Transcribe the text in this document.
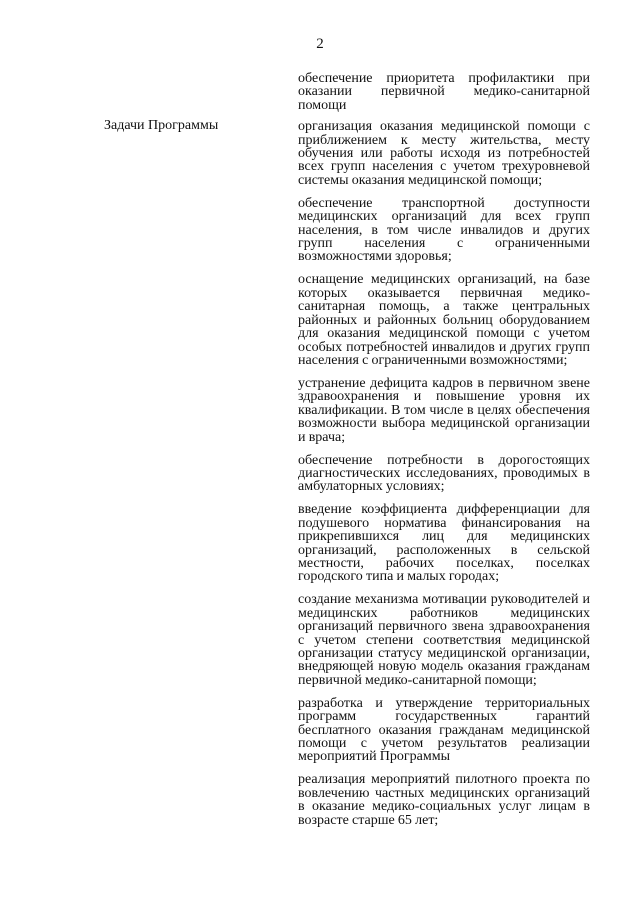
2
Задачи Программы

обеспечение приоритета профилактики при оказании первичной медико-санитарной помощи

организация оказания медицинской помощи с приближением к месту жительства, месту обучения или работы исходя из потребностей всех групп населения с учетом трехуровневой системы оказания медицинской помощи;

обеспечение транспортной доступности медицинских организаций для всех групп населения, в том числе инвалидов и других групп населения с ограниченными возможностями здоровья;

оснащение медицинских организаций, на базе которых оказывается первичная медико-санитарная помощь, а также центральных районных и районных больниц оборудованием для оказания медицинской помощи с учетом особых потребностей инвалидов и других групп населения с ограниченными возможностями;

устранение дефицита кадров в первичном звене здравоохранения и повышение уровня их квалификации. В том числе в целях обеспечения возможности выбора медицинской организации и врача;

обеспечение потребности в дорогостоящих диагностических исследованиях, проводимых в амбулаторных условиях;

введение коэффициента дифференциации для подушевого норматива финансирования на прикрепившихся лиц для медицинских организаций, расположенных в сельской местности, рабочих поселках, поселках городского типа и малых городах;

создание механизма мотивации руководителей и медицинских работников медицинских организаций первичного звена здравоохранения с учетом степени соответствия медицинской организации статусу медицинской организации, внедряющей новую модель оказания гражданам первичной медико-санитарной помощи;

разработка и утверждение территориальных программ государственных гарантий бесплатного оказания гражданам медицинской помощи с учетом результатов реализации мероприятий Программы

реализация мероприятий пилотного проекта по вовлечению частных медицинских организаций в оказание медико-социальных услуг лицам в возрасте старше 65 лет;
